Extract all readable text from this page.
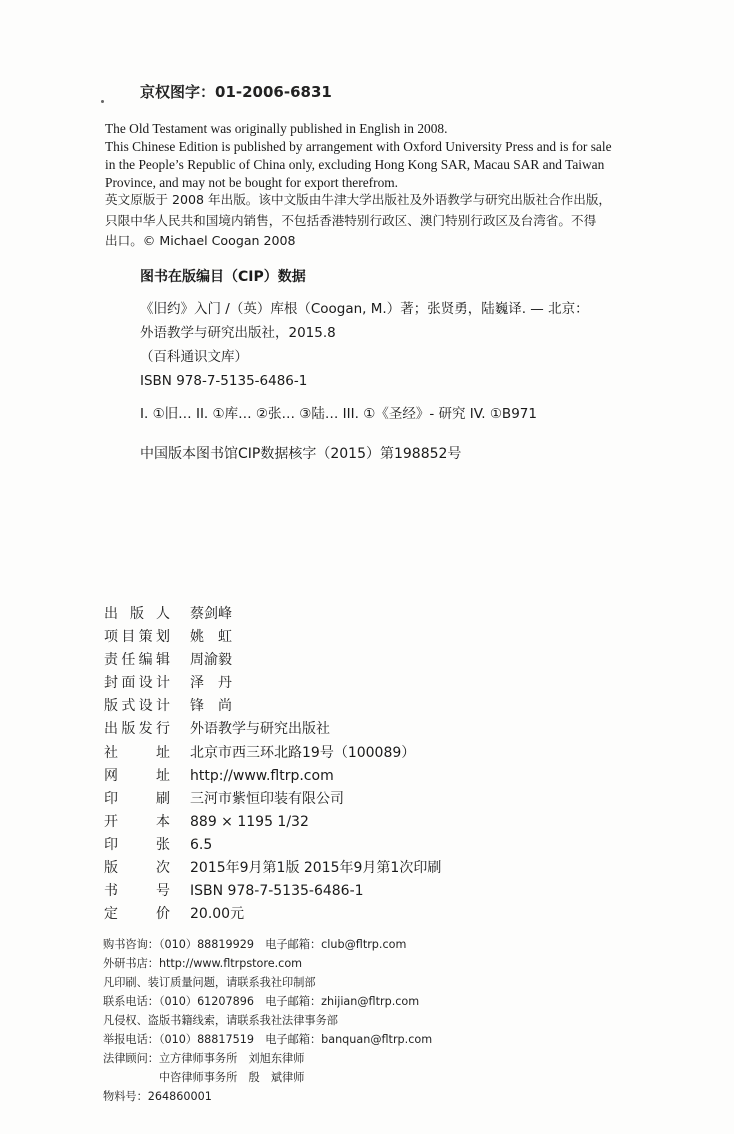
京权图字：01-2006-6831
The Old Testament was originally published in English in 2008.
This Chinese Edition is published by arrangement with Oxford University Press and is for sale
in the People’s Republic of China only, excluding Hong Kong SAR, Macau SAR and Taiwan
Province, and may not be bought for export therefrom.
英文原版于 2008 年出版。该中文版由牛津大学出版社及外语教学与研究出版社合作出版，
只限中华人民共和国境内销售，不包括香港特别行政区、澳门特别行政区及台湾省。不得
出口。© Michael Coogan 2008
图书在版编目（CIP）数据
《旧约》入门 /（英）库根（Coogan, M.）著；张贤勇，陆巍译. — 北京：
外语教学与研究出版社，2015.8
（百科通识文库）
ISBN 978-7-5135-6486-1
I. ①旧… II. ①库… ②张… ③陆… III. ①《圣经》- 研究 IV. ①B971
中国版本图书馆CIP数据核字（2015）第198852号
出版人 蔡剑峰
项目策划 姚　虹
责任编辑 周渝毅
封面设计 泽　丹
版式设计 锋　尚
出版发行 外语教学与研究出版社
社址 北京市西三环北路19号（100089）
网址 http://www.fltrp.com
印刷 三河市紫恒印装有限公司
开本 889 × 1195 1/32
印张 6.5
版次 2015年9月第1版 2015年9月第1次印刷
书号 ISBN 978-7-5135-6486-1
定价 20.00元
购书咨询：（010）88819929　电子邮箱：club@fltrp.com
外研书店：http://www.fltrpstore.com
凡印刷、装订质量问题，请联系我社印制部
联系电话：（010）61207896　电子邮箱：zhijian@fltrp.com
凡侵权、盗版书籍线索，请联系我社法律事务部
举报电话：（010）88817519　电子邮箱：banquan@fltrp.com
法律顾问：立方律师事务所　刘旭东律师
　　　　　中咨律师事务所　殷　斌律师
物料号：264860001
